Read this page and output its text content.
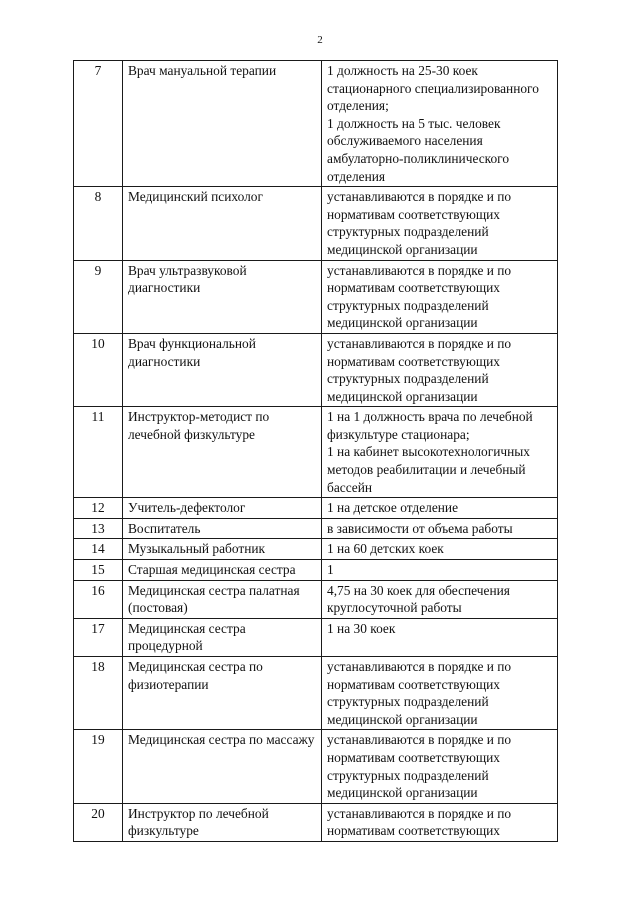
2
7	Врач мануальной терапии	1 должность на 25-30 коек стационарного специализированного отделения;
1 должность на 5 тыс. человек обслуживаемого населения амбулаторно-поликлинического отделения

8	Медицинский психолог	устанавливаются в порядке и по нормативам соответствующих структурных подразделений медицинской организации

9	Врач ультразвуковой диагностики	устанавливаются в порядке и по нормативам соответствующих структурных подразделений медицинской организации

10	Врач функциональной диагностики	устанавливаются в порядке и по нормативам соответствующих структурных подразделений медицинской организации

11	Инструктор-методист по лечебной физкультуре	1 на 1 должность врача по лечебной физкультуре стационара;
1 на кабинет высокотехнологичных методов реабилитации и лечебный бассейн

12	Учитель-дефектолог	1 на детское отделение

13	Воспитатель	в зависимости от объема работы

14	Музыкальный работник	1 на 60 детских коек

15	Старшая медицинская сестра	1

16	Медицинская сестра палатная (постовая)	4,75 на 30 коек для обеспечения круглосуточной работы

17	Медицинская сестра процедурной	1 на 30 коек

18	Медицинская сестра по физиотерапии	устанавливаются в порядке и по нормативам соответствующих структурных подразделений медицинской организации

19	Медицинская сестра по массажу	устанавливаются в порядке и по нормативам соответствующих структурных подразделений медицинской организации

20	Инструктор по лечебной физкультуре	устанавливаются в порядке и по нормативам соответствующих
